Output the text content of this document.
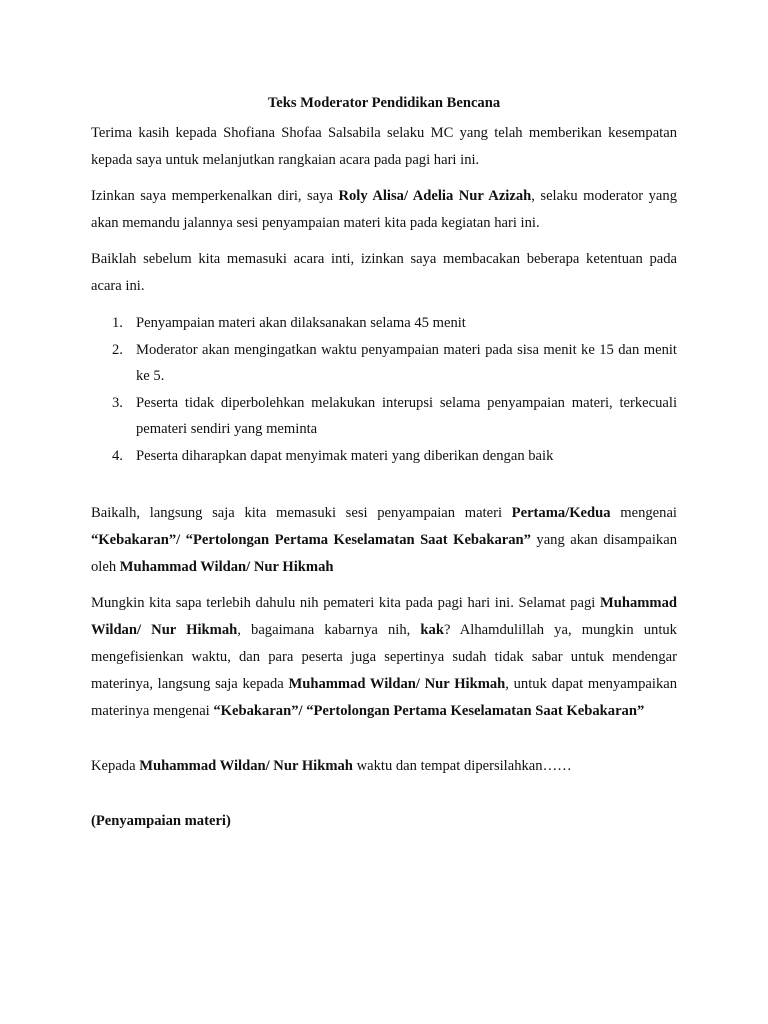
Teks Moderator Pendidikan Bencana

Terima kasih kepada Shofiana Shofaa Salsabila selaku MC yang telah memberikan kesempatan kepada saya untuk melanjutkan rangkaian acara pada pagi hari ini.

Izinkan saya memperkenalkan diri, saya Roly Alisa/ Adelia Nur Azizah, selaku moderator yang akan memandu jalannya sesi penyampaian materi kita pada kegiatan hari ini.

Baiklah sebelum kita memasuki acara inti, izinkan saya membacakan beberapa ketentuan pada acara ini.

1. Penyampaian materi akan dilaksanakan selama 45 menit
2. Moderator akan mengingatkan waktu penyampaian materi pada sisa menit ke 15 dan menit ke 5.
3. Peserta tidak diperbolehkan melakukan interupsi selama penyampaian materi, terkecuali pemateri sendiri yang meminta
4. Peserta diharapkan dapat menyimak materi yang diberikan dengan baik

Baikalh, langsung saja kita memasuki sesi penyampaian materi Pertama/Kedua mengenai “Kebakaran”/ “Pertolongan Pertama Keselamatan Saat Kebakaran” yang akan disampaikan oleh Muhammad Wildan/ Nur Hikmah

Mungkin kita sapa terlebih dahulu nih pemateri kita pada pagi hari ini. Selamat pagi Muhammad Wildan/ Nur Hikmah, bagaimana kabarnya nih, kak? Alhamdulillah ya, mungkin untuk mengefisienkan waktu, dan para peserta juga sepertinya sudah tidak sabar untuk mendengar materinya, langsung saja kepada Muhammad Wildan/ Nur Hikmah, untuk dapat menyampaikan materinya mengenai “Kebakaran”/ “Pertolongan Pertama Keselamatan Saat Kebakaran”

Kepada Muhammad Wildan/ Nur Hikmah waktu dan tempat dipersilahkan……

(Penyampaian materi)
